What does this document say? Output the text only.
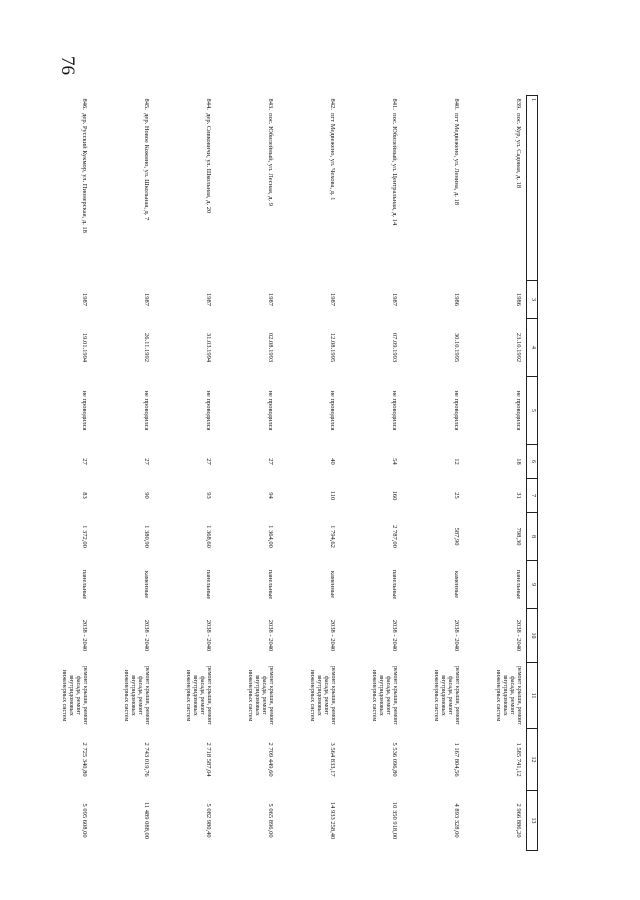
76
1	3	4	5	6	7	8	9	10	11	12	13
839.  пос. Кур, ул. Садовая, д. 18	1986	23.10.1992	не проводился	18	31	798,30	панельные	2038 - 2040	ремонт крыши, ремонт фасада, ремонт внутридомовых инженерных систем	1 585 741,12	2 966 886,20
840.  пгт Медвежено, ул. Ленина, д. 18	1986	30.10.1995	не проводился	12	25	587,90	каменные	2038 - 2040	ремонт крыши, ремонт фасада, ремонт внутридомовых инженерных систем	1 167 804,56	4 893 328,00
841.  пос. Юбилейный, ул. Центральная, д. 14	1987	07.09.1993	не проводился	54	160	2 787,00	панельные	2038 - 2040	ремонт крыши, ремонт фасада, ремонт внутридомовых инженерных систем	5 536 096,80	10 350 918,00
842.  пгт Медвежено, ул. Чехова, д. 1	1987	12.08.1995	не проводился	40	110	1 794,62	каменные	2038 - 2040	ремонт крыши, ремонт фасада, ремонт внутридомовых инженерных систем	3 564 833,17	14 933 258,40
843.  пос. Юбилейный, ул. Лесная, д. 9	1987	02.08.1993	не проводился	27	94	1 364,00	панельные	2038 - 2040	ремонт крыши, ремонт фасада, ремонт внутридомовых инженерных систем	2 709 449,60	5 065 896,00
844.  дер. Сивковичи, ул. Школьная, д. 20	1987	31.03.1994	не проводился	27	93	1 368,60	панельные	2038 - 2040	ремонт крыши, ремонт фасада, ремонт внутридомовых инженерных систем	2 718 587,04	5 082 980,40
845.  дер. Новое Кожино, ул. Школьная, д. 7	1987	26.11.1992	не проводился	27	90	1 380,90	каменные	2038 - 2040	ремонт крыши, ремонт фасада, ремонт внутридомовых инженерных систем	2 743 019,76	11 489 088,00
846.  дер. Русский Кукмор, ул. Пионерская, д. 18	1987	19.01.1994	не проводился	27	83	1 372,00	панельные	2038 - 2040	ремонт крыши, ремонт фасада, ремонт внутридомовых инженерных систем	2 725 340,80	5 095 608,00
